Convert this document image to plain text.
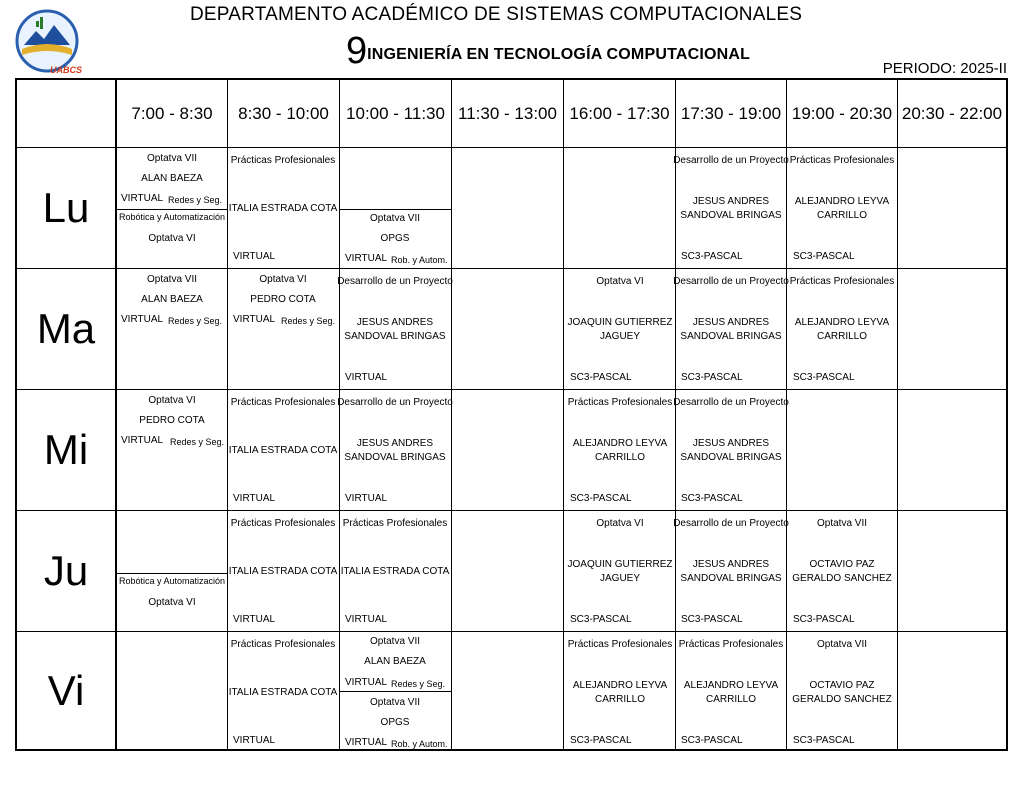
UABCS
DEPARTAMENTO ACADÉMICO DE SISTEMAS COMPUTACIONALES
9INGENIERÍA EN TECNOLOGÍA COMPUTACIONAL
PERIODO: 2025-II
7:00 - 8:30	8:30 - 10:00	10:00 - 11:30 11:30 - 13:00 16:00 - 17:30 17:30 - 19:00 19:00 - 20:30 20:30 - 22:00
Lu
Ma
Mi
Ju
Vi
Optatva VII
ALAN BAEZA
VIRTUAL Redes y Seg.
Robótica y Automatización
Optatva VI
Prácticas Profesionales
ITALIA ESTRADA COTA
VIRTUAL
Optatva VII
OPGS
VIRTUAL Rob. y Autom.
Desarrollo de un Proyecto
JESUS ANDRES
SANDOVAL BRINGAS
SC3-PASCAL
Prácticas Profesionales
ALEJANDRO LEYVA
CARRILLO
SC3-PASCAL
Optatva VII
ALAN BAEZA
VIRTUAL Redes y Seg.
Optatva VI
PEDRO COTA
VIRTUAL Redes y Seg.
Desarrollo de un Proyecto
JESUS ANDRES
SANDOVAL BRINGAS
VIRTUAL
Optatva VI
JOAQUIN GUTIERREZ
JAGUEY
SC3-PASCAL
Desarrollo de un Proyecto
JESUS ANDRES
SANDOVAL BRINGAS
SC3-PASCAL
Prácticas Profesionales
ALEJANDRO LEYVA
CARRILLO
SC3-PASCAL
Optatva VI
PEDRO COTA
VIRTUAL Redes y Seg.
Prácticas Profesionales
ITALIA ESTRADA COTA
VIRTUAL
Desarrollo de un Proyecto
JESUS ANDRES
SANDOVAL BRINGAS
VIRTUAL
Prácticas Profesionales
ALEJANDRO LEYVA
CARRILLO
SC3-PASCAL
Desarrollo de un Proyecto
JESUS ANDRES
SANDOVAL BRINGAS
SC3-PASCAL
Robótica y Automatización
Optatva VI
Prácticas Profesionales
ITALIA ESTRADA COTA
VIRTUAL
Prácticas Profesionales
ITALIA ESTRADA COTA
VIRTUAL
Optatva VI
JOAQUIN GUTIERREZ
JAGUEY
SC3-PASCAL
Desarrollo de un Proyecto
JESUS ANDRES
SANDOVAL BRINGAS
SC3-PASCAL
Optatva VII
OCTAVIO PAZ
GERALDO SANCHEZ
SC3-PASCAL
Prácticas Profesionales
ITALIA ESTRADA COTA
VIRTUAL
Optatva VII
ALAN BAEZA
VIRTUAL Redes y Seg.
Optatva VII
OPGS
VIRTUAL Rob. y Autom.
Prácticas Profesionales
ALEJANDRO LEYVA
CARRILLO
SC3-PASCAL
Prácticas Profesionales
ALEJANDRO LEYVA
CARRILLO
SC3-PASCAL
Optatva VII
OCTAVIO PAZ
GERALDO SANCHEZ
SC3-PASCAL
